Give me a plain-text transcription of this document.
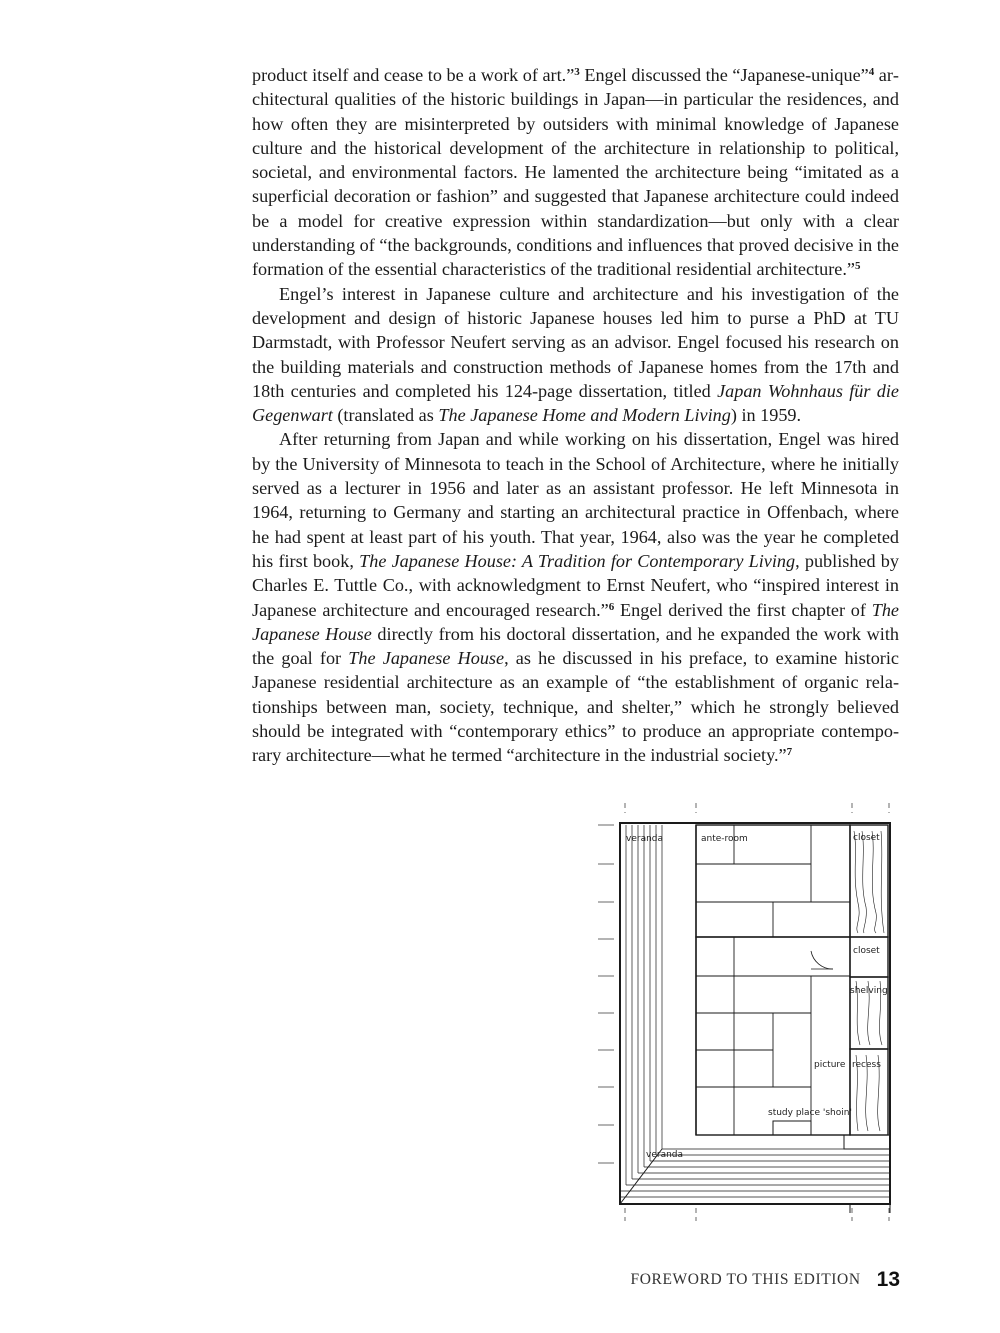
product itself and cease to be a work of art.”$^3$ Engel discussed the “Japanese-unique”$^4$ architectural qualities of the historic buildings in Japan—in particular the residences, and how often they are misinterpreted by outsiders with minimal knowledge of Japanese culture and the historical development of the architecture in relationship to political, societal, and environmental factors. He lamented the architecture being “imitated as a superficial decoration or fashion” and suggested that Japanese architecture could indeed be a model for creative expression within standardization—but only with a clear understanding of “the backgrounds, conditions and influences that proved decisive in the formation of the essential characteristics of the traditional residential architecture.”$^5$

Engel’s interest in Japanese culture and architecture and his investigation of the development and design of historic Japanese houses led him to purse a PhD at TU Darmstadt, with Professor Neufert serving as an advisor. Engel focused his research on the building materials and construction methods of Japanese homes from the 17th and 18th centuries and completed his 124-page dissertation, titled Japan Wohnhaus für die Gegenwart (translated as The Japanese Home and Modern Living) in 1959.

After returning from Japan and while working on his dissertation, Engel was hired by the University of Minnesota to teach in the School of Architecture, where he initially served as a lecturer in 1956 and later as an assistant professor. He left Minnesota in 1964, returning to Germany and starting an architectural practice in Offenbach, where he had spent at least part of his youth. That year, 1964, also was the year he completed his first book, The Japanese House: A Tradition for Contemporary Living, published by Charles E. Tuttle Co., with acknowledgment to Ernst Neufert, who “inspired interest in Japanese architecture and encouraged research.”$^6$ Engel derived the first chapter of The Japanese House directly from his doctoral dissertation, and he expanded the work with the goal for The Japanese House, as he discussed in his preface, to examine historic Japanese residential architecture as an example of “the establishment of organic relationships between man, society, technique, and shelter,” which he strongly believed should be integrated with “contemporary ethics” to produce an appropriate contemporary architecture—what he termed “architecture in the industrial society.”$^7$

veranda	ante-room	closet
closet
shelving
picture recess
study place 'shoin'
veranda
FOREWORD TO THIS EDITION 13
